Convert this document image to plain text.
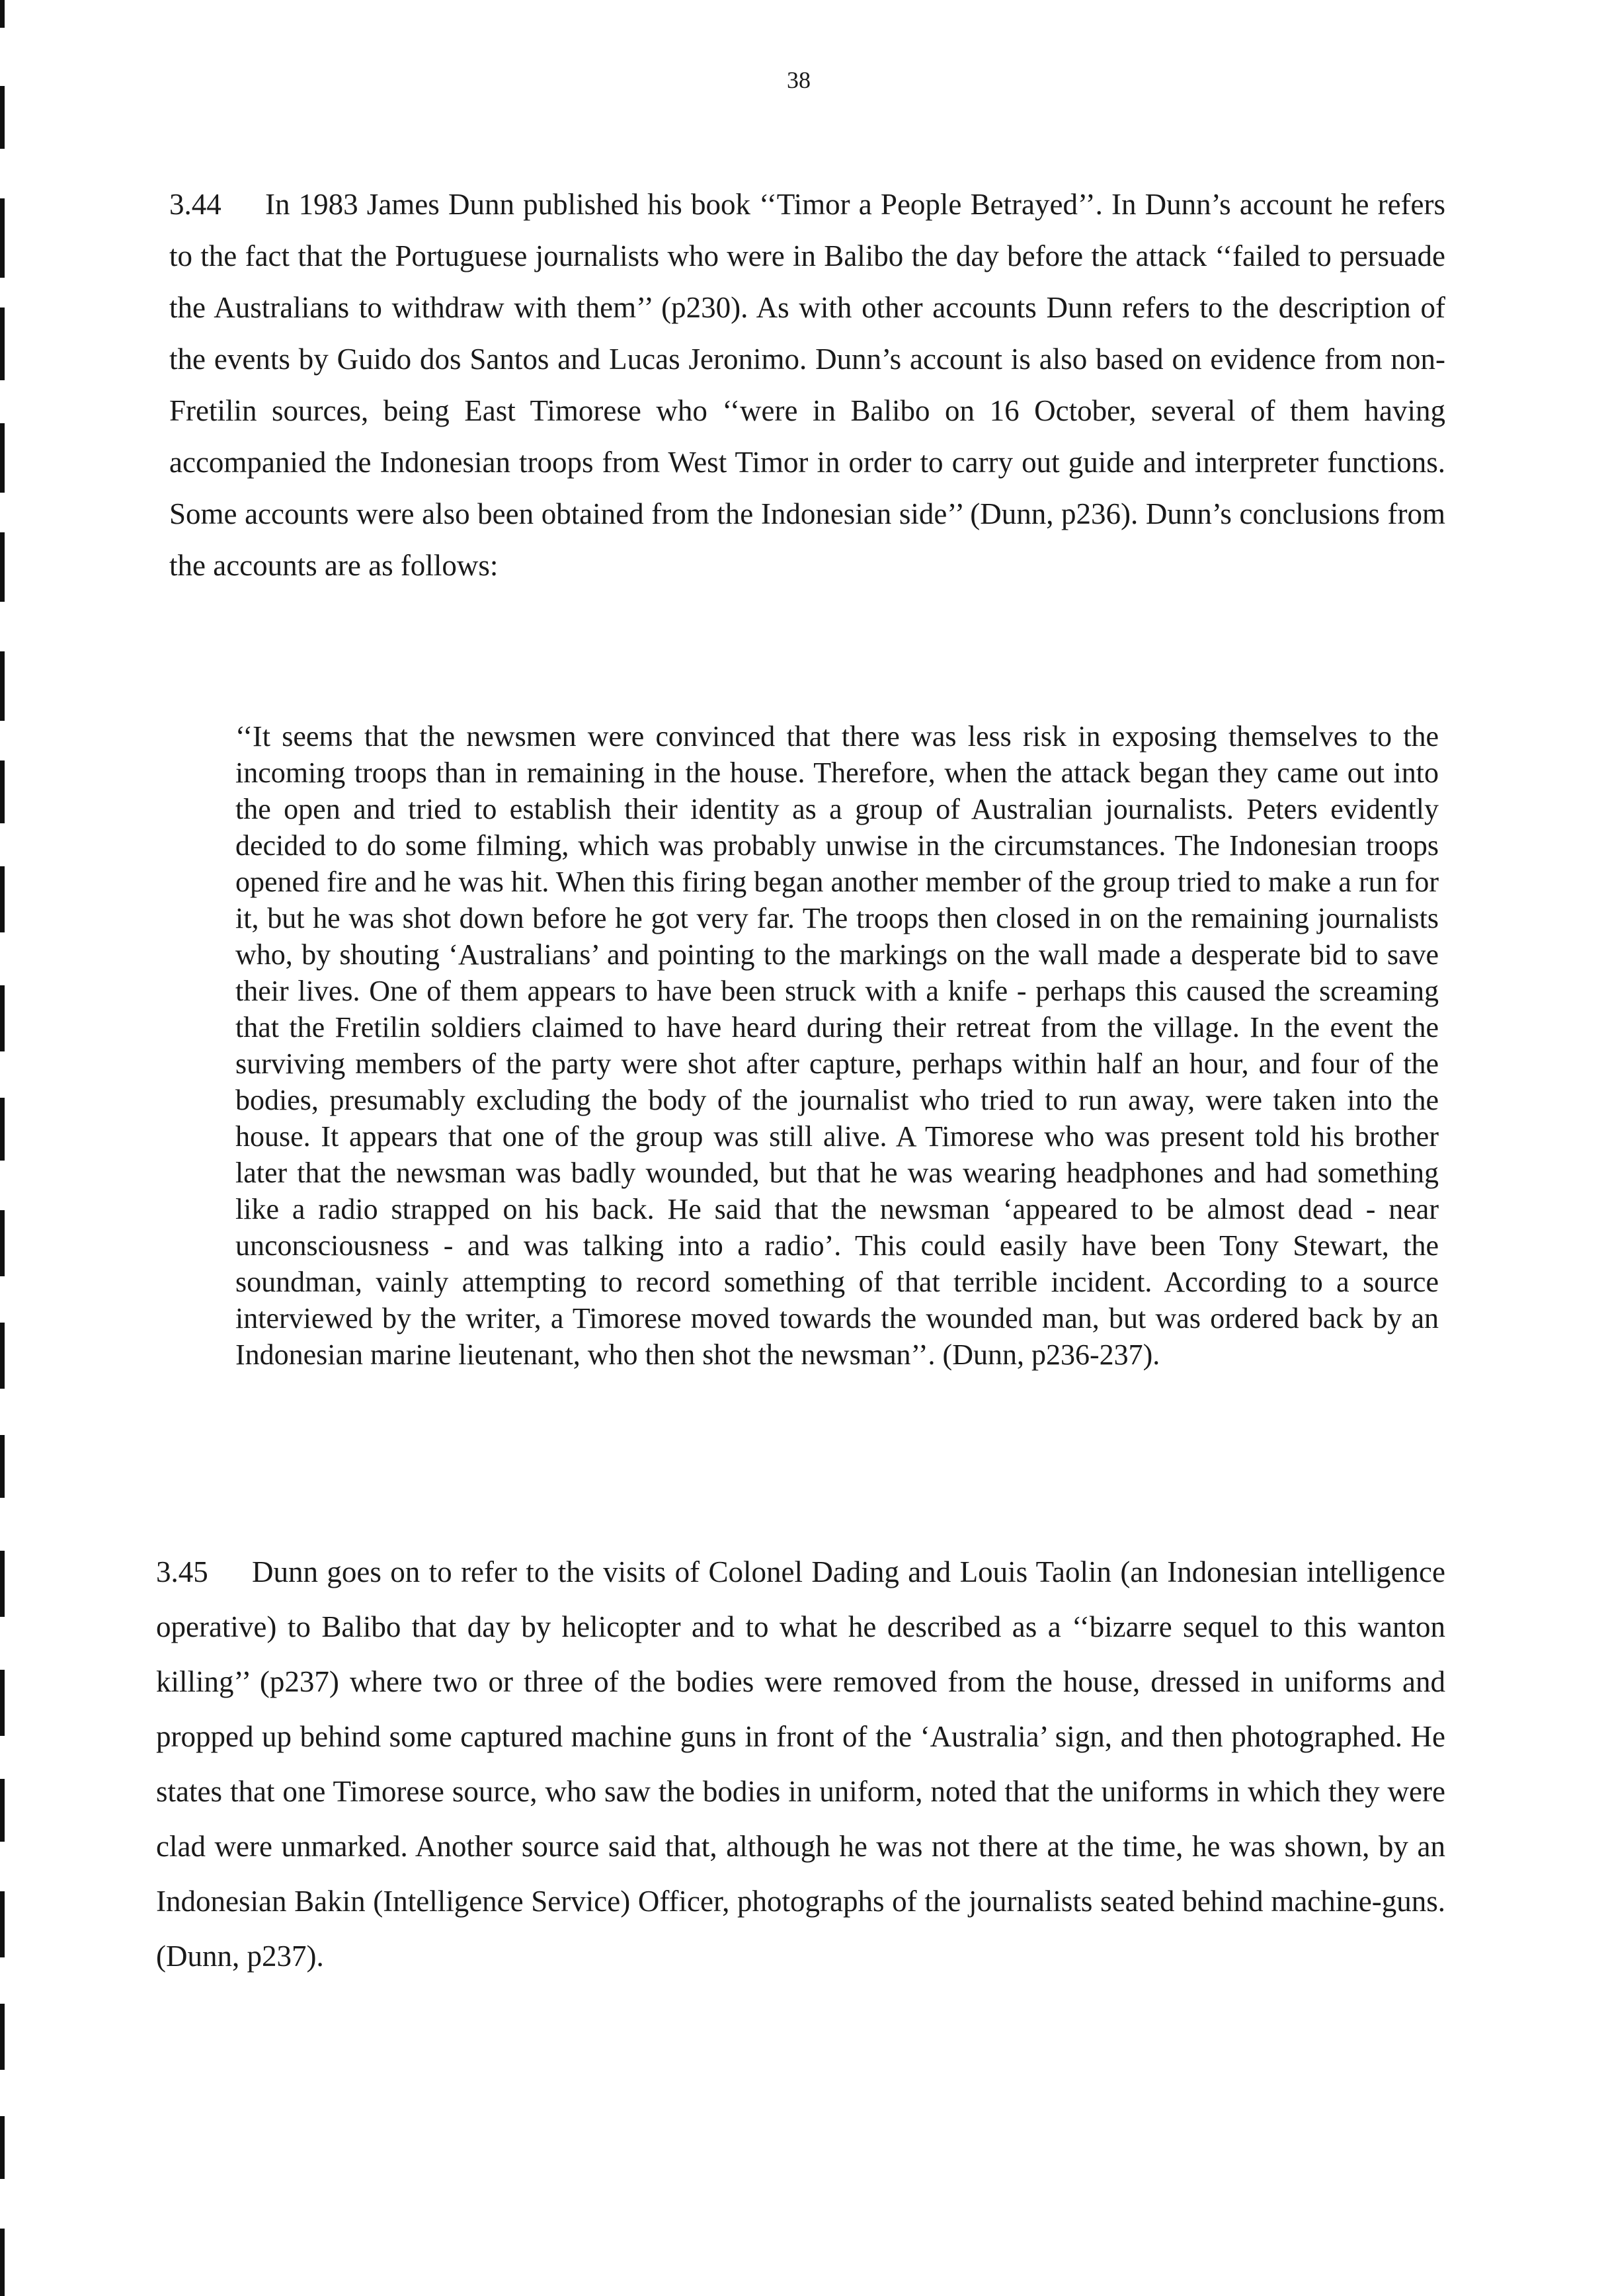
38

3.44 In 1983 James Dunn published his book ‘‘Timor a People Betrayed’’. In Dunn’s account he refers to the fact that the Portuguese journalists who were in Balibo the day before the attack ‘‘failed to persuade the Australians to withdraw with them’’ (p230). As with other accounts Dunn refers to the description of the events by Guido dos Santos and Lucas Jeronimo. Dunn’s account is also based on evidence from non-Fretilin sources, being East Timorese who ‘‘were in Balibo on 16 October, several of them having accompanied the Indonesian troops from West Timor in order to carry out guide and interpreter functions. Some accounts were also been obtained from the Indonesian side’’ (Dunn, p236). Dunn’s conclusions from the accounts are as follows:

‘‘It seems that the newsmen were convinced that there was less risk in exposing themselves to the incoming troops than in remaining in the house. Therefore, when the attack began they came out into the open and tried to establish their identity as a group of Australian journalists. Peters evidently decided to do some filming, which was probably unwise in the circumstances. The Indonesian troops opened fire and he was hit. When this firing began another member of the group tried to make a run for it, but he was shot down before he got very far. The troops then closed in on the remaining journalists who, by shouting ‘Australians’ and pointing to the markings on the wall made a desperate bid to save their lives. One of them appears to have been struck with a knife - perhaps this caused the screaming that the Fretilin soldiers claimed to have heard during their retreat from the village. In the event the surviving members of the party were shot after capture, perhaps within half an hour, and four of the bodies, presumably excluding the body of the journalist who tried to run away, were taken into the house. It appears that one of the group was still alive. A Timorese who was present told his brother later that the newsman was badly wounded, but that he was wearing headphones and had something like a radio strapped on his back. He said that the newsman ‘appeared to be almost dead - near unconsciousness - and was talking into a radio’. This could easily have been Tony Stewart, the soundman, vainly attempting to record something of that terrible incident. According to a source interviewed by the writer, a Timorese moved towards the wounded man, but was ordered back by an Indonesian marine lieutenant, who then shot the newsman’’. (Dunn, p236-237).

3.45 Dunn goes on to refer to the visits of Colonel Dading and Louis Taolin (an Indonesian intelligence operative) to Balibo that day by helicopter and to what he described as a ‘‘bizarre sequel to this wanton killing’’ (p237) where two or three of the bodies were removed from the house, dressed in uniforms and propped up behind some captured machine guns in front of the ‘Australia’ sign, and then photographed. He states that one Timorese source, who saw the bodies in uniform, noted that the uniforms in which they were clad were unmarked. Another source said that, although he was not there at the time, he was shown, by an Indonesian Bakin (Intelligence Service) Officer, photographs of the journalists seated behind machine-guns. (Dunn, p237).
